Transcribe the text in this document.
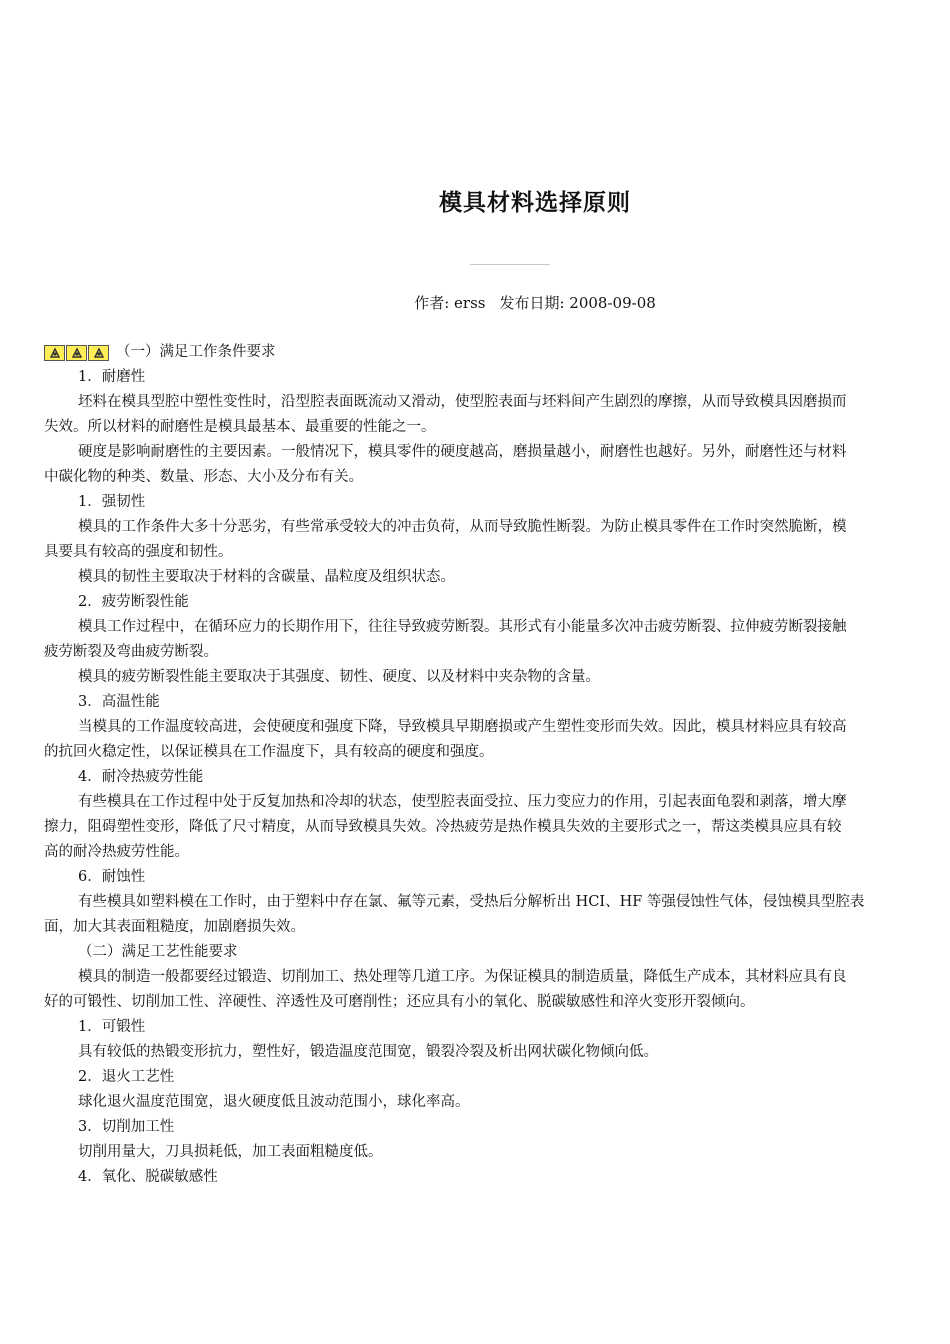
模具材料选择原则
作者: erss 发布日期: 2008-09-08
（一）满足工作条件要求
1．耐磨性
坯料在模具型腔中塑性变性时，沿型腔表面既流动又滑动，使型腔表面与坯料间产生剧烈的摩擦，从而导致模具因磨损而
失效。所以材料的耐磨性是模具最基本、最重要的性能之一。
硬度是影响耐磨性的主要因素。一般情况下，模具零件的硬度越高，磨损量越小，耐磨性也越好。另外，耐磨性还与材料
中碳化物的种类、数量、形态、大小及分布有关。
1．强韧性
模具的工作条件大多十分恶劣，有些常承受较大的冲击负荷，从而导致脆性断裂。为防止模具零件在工作时突然脆断，模
具要具有较高的强度和韧性。
模具的韧性主要取决于材料的含碳量、晶粒度及组织状态。
2．疲劳断裂性能
模具工作过程中，在循环应力的长期作用下，往往导致疲劳断裂。其形式有小能量多次冲击疲劳断裂、拉伸疲劳断裂接触
疲劳断裂及弯曲疲劳断裂。
模具的疲劳断裂性能主要取决于其强度、韧性、硬度、以及材料中夹杂物的含量。
3．高温性能
当模具的工作温度较高进，会使硬度和强度下降，导致模具早期磨损或产生塑性变形而失效。因此，模具材料应具有较高
的抗回火稳定性，以保证模具在工作温度下，具有较高的硬度和强度。
4．耐冷热疲劳性能
有些模具在工作过程中处于反复加热和冷却的状态，使型腔表面受拉、压力变应力的作用，引起表面龟裂和剥落，增大摩
擦力，阻碍塑性变形，降低了尺寸精度，从而导致模具失效。冷热疲劳是热作模具失效的主要形式之一，帮这类模具应具有较
高的耐冷热疲劳性能。
6．耐蚀性
有些模具如塑料模在工作时，由于塑料中存在氯、氟等元素，受热后分解析出 HCI、HF 等强侵蚀性气体，侵蚀模具型腔表
面，加大其表面粗糙度，加剧磨损失效。
（二）满足工艺性能要求
模具的制造一般都要经过锻造、切削加工、热处理等几道工序。为保证模具的制造质量，降低生产成本，其材料应具有良
好的可锻性、切削加工性、淬硬性、淬透性及可磨削性；还应具有小的氧化、脱碳敏感性和淬火变形开裂倾向。
1．可锻性
具有较低的热锻变形抗力，塑性好，锻造温度范围宽，锻裂冷裂及析出网状碳化物倾向低。
2．退火工艺性
球化退火温度范围宽，退火硬度低且波动范围小，球化率高。
3．切削加工性
切削用量大，刀具损耗低，加工表面粗糙度低。
4．氧化、脱碳敏感性
